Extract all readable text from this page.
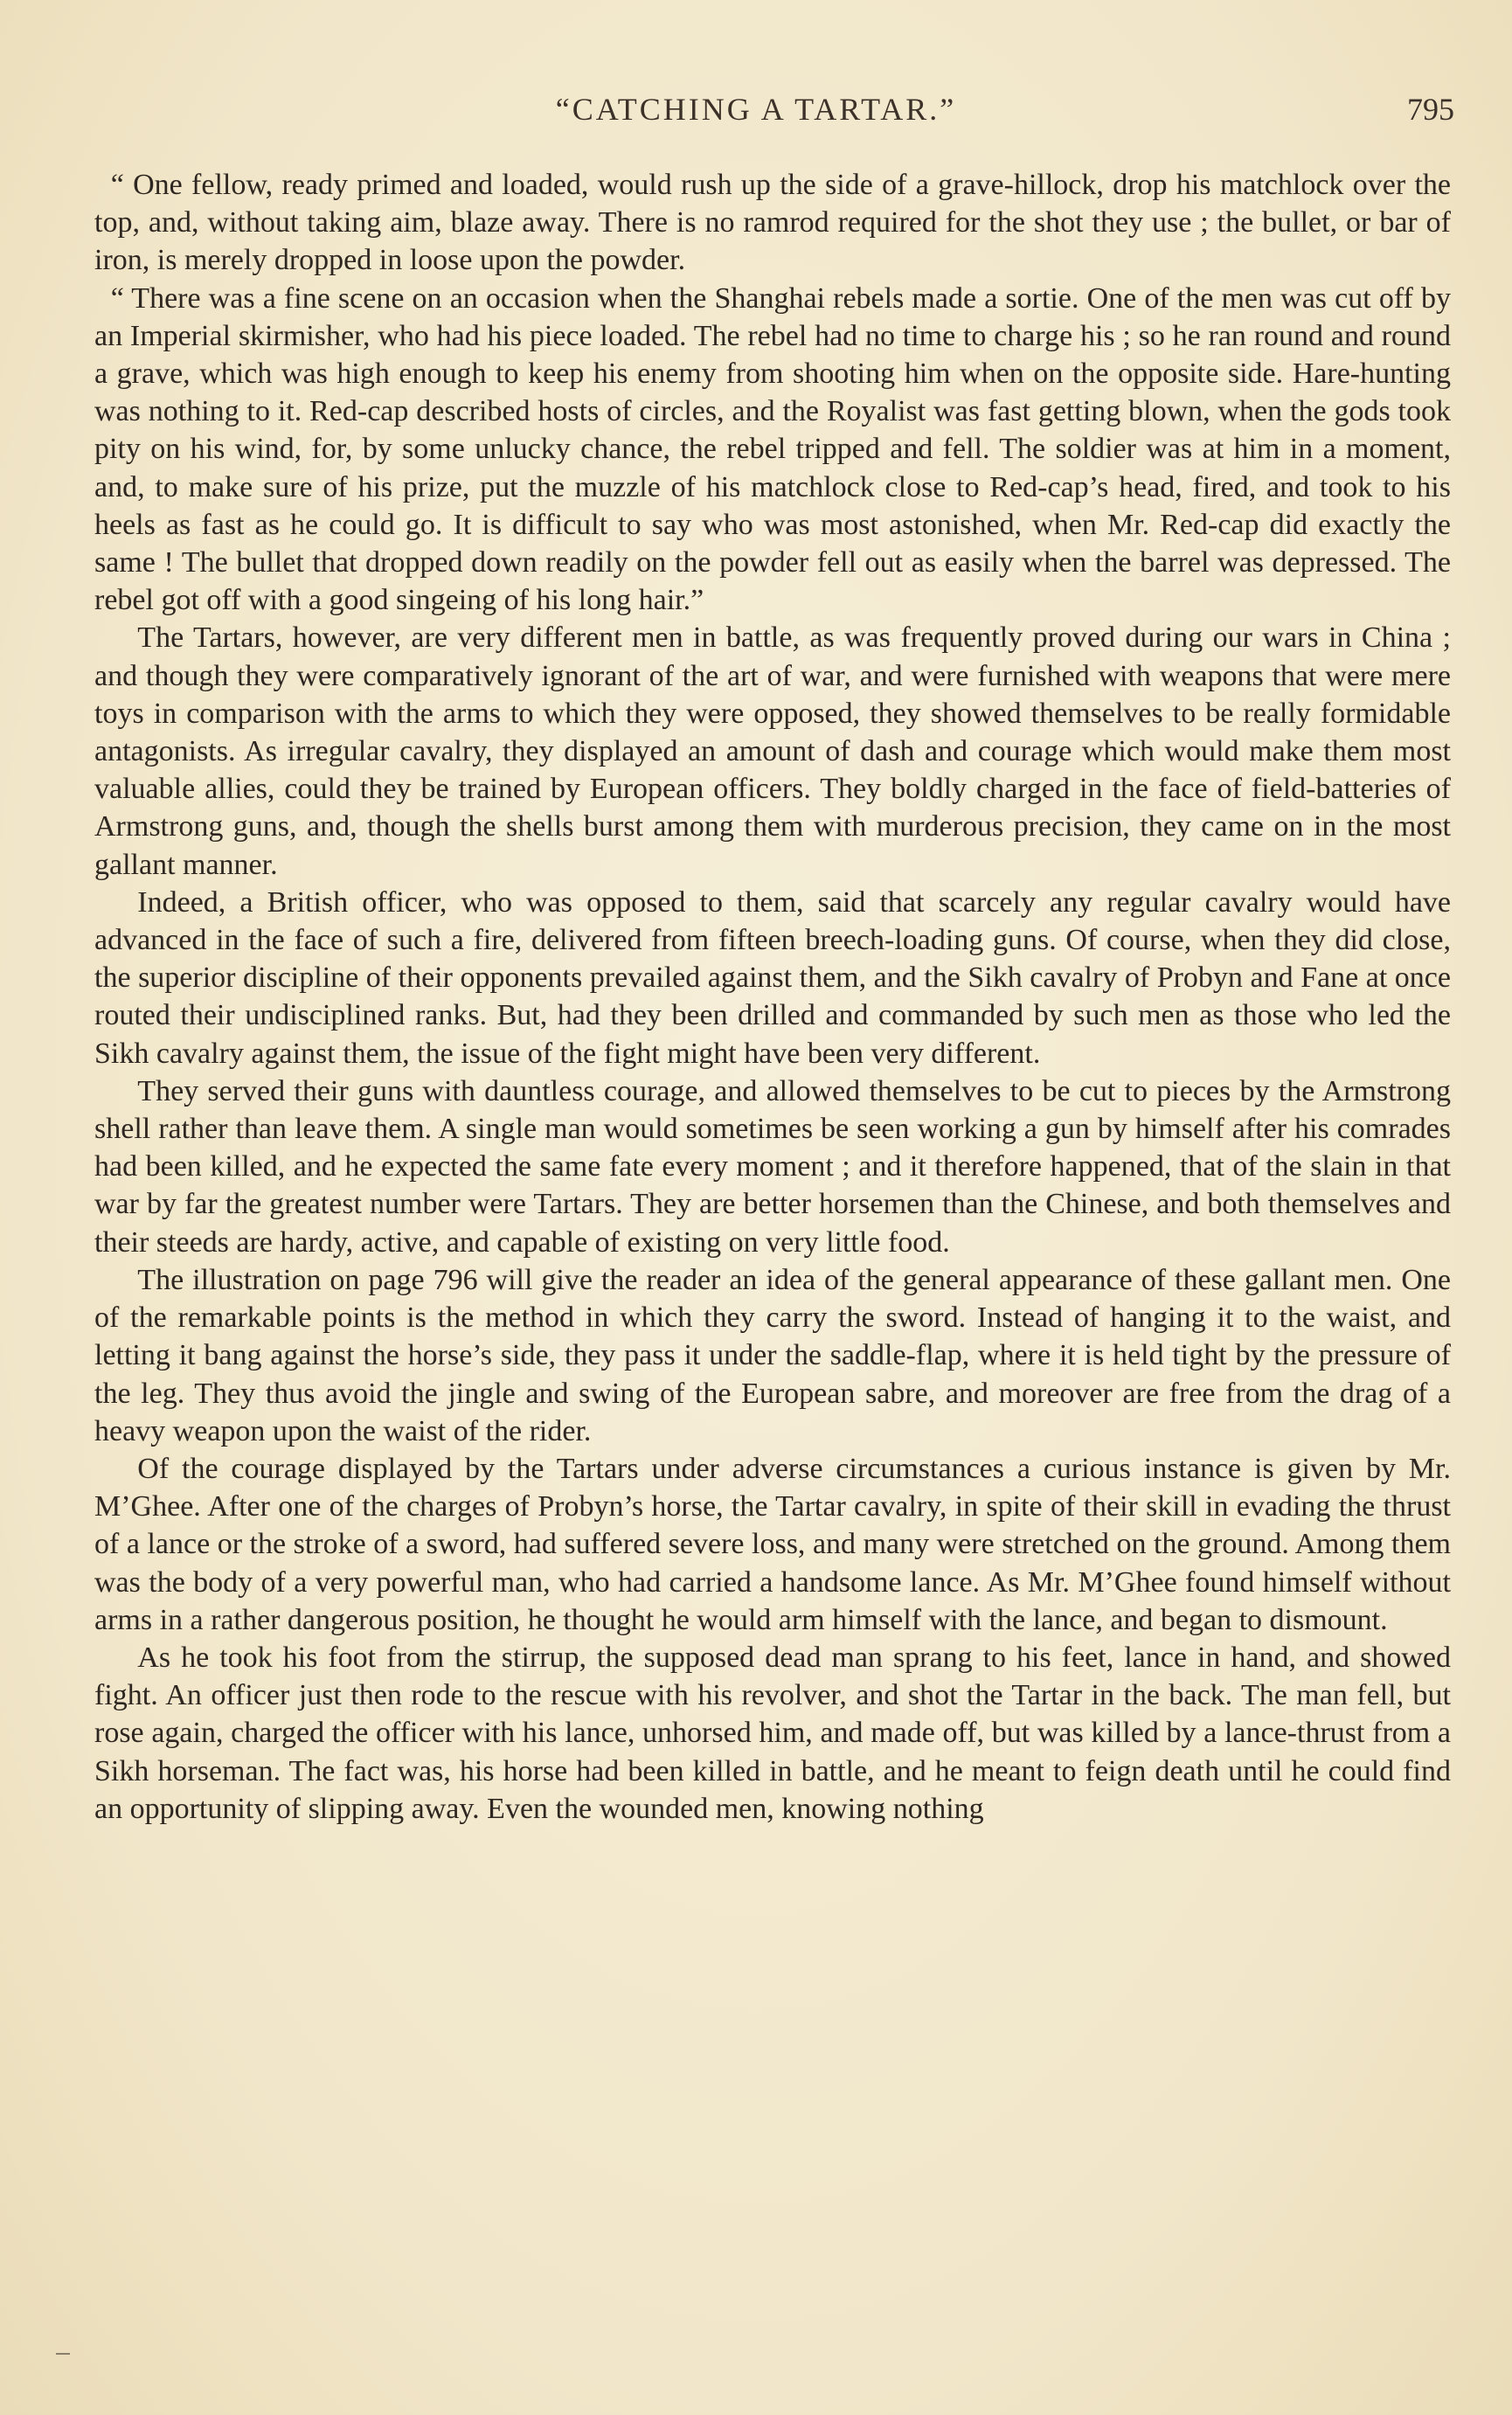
“CATCHING A TARTAR.”	795

“ One fellow, ready primed and loaded, would rush up the side of a grave-hillock, drop his matchlock over the top, and, without taking aim, blaze away. There is no ramrod required for the shot they use ; the bullet, or bar of iron, is merely dropped in loose upon the powder.

“ There was a fine scene on an occasion when the Shanghai rebels made a sortie. One of the men was cut off by an Imperial skirmisher, who had his piece loaded. The rebel had no time to charge his ; so he ran round and round a grave, which was high enough to keep his enemy from shooting him when on the opposite side. Hare-hunting was nothing to it. Red-cap described hosts of circles, and the Royalist was fast getting blown, when the gods took pity on his wind, for, by some unlucky chance, the rebel tripped and fell. The soldier was at him in a moment, and, to make sure of his prize, put the muzzle of his matchlock close to Red-cap’s head, fired, and took to his heels as fast as he could go. It is difficult to say who was most astonished, when Mr. Red-cap did exactly the same ! The bullet that dropped down readily on the powder fell out as easily when the barrel was depressed. The rebel got off with a good singeing of his long hair.”

The Tartars, however, are very different men in battle, as was frequently proved during our wars in China ; and though they were comparatively ignorant of the art of war, and were furnished with weapons that were mere toys in comparison with the arms to which they were opposed, they showed themselves to be really formidable antagonists. As irregular cavalry, they displayed an amount of dash and courage which would make them most valuable allies, could they be trained by European officers. They boldly charged in the face of field-batteries of Armstrong guns, and, though the shells burst among them with murderous precision, they came on in the most gallant manner.

Indeed, a British officer, who was opposed to them, said that scarcely any regular cavalry would have advanced in the face of such a fire, delivered from fifteen breech-loading guns. Of course, when they did close, the superior discipline of their opponents prevailed against them, and the Sikh cavalry of Probyn and Fane at once routed their undisciplined ranks. But, had they been drilled and commanded by such men as those who led the Sikh cavalry against them, the issue of the fight might have been very different.

They served their guns with dauntless courage, and allowed themselves to be cut to pieces by the Armstrong shell rather than leave them. A single man would sometimes be seen working a gun by himself after his comrades had been killed, and he expected the same fate every moment ; and it therefore happened, that of the slain in that war by far the greatest number were Tartars. They are better horsemen than the Chinese, and both themselves and their steeds are hardy, active, and capable of existing on very little food.

The illustration on page 796 will give the reader an idea of the general appearance of these gallant men. One of the remarkable points is the method in which they carry the sword. Instead of hanging it to the waist, and letting it bang against the horse’s side, they pass it under the saddle-flap, where it is held tight by the pressure of the leg. They thus avoid the jingle and swing of the European sabre, and moreover are free from the drag of a heavy weapon upon the waist of the rider.

Of the courage displayed by the Tartars under adverse circumstances a curious instance is given by Mr. M’Ghee. After one of the charges of Probyn’s horse, the Tartar cavalry, in spite of their skill in evading the thrust of a lance or the stroke of a sword, had suffered severe loss, and many were stretched on the ground. Among them was the body of a very powerful man, who had carried a handsome lance. As Mr. M’Ghee found himself without arms in a rather dangerous position, he thought he would arm himself with the lance, and began to dismount.

As he took his foot from the stirrup, the supposed dead man sprang to his feet, lance in hand, and showed fight. An officer just then rode to the rescue with his revolver, and shot the Tartar in the back. The man fell, but rose again, charged the officer with his lance, unhorsed him, and made off, but was killed by a lance-thrust from a Sikh horseman. The fact was, his horse had been killed in battle, and he meant to feign death until he could find an opportunity of slipping away. Even the wounded men, knowing nothing
